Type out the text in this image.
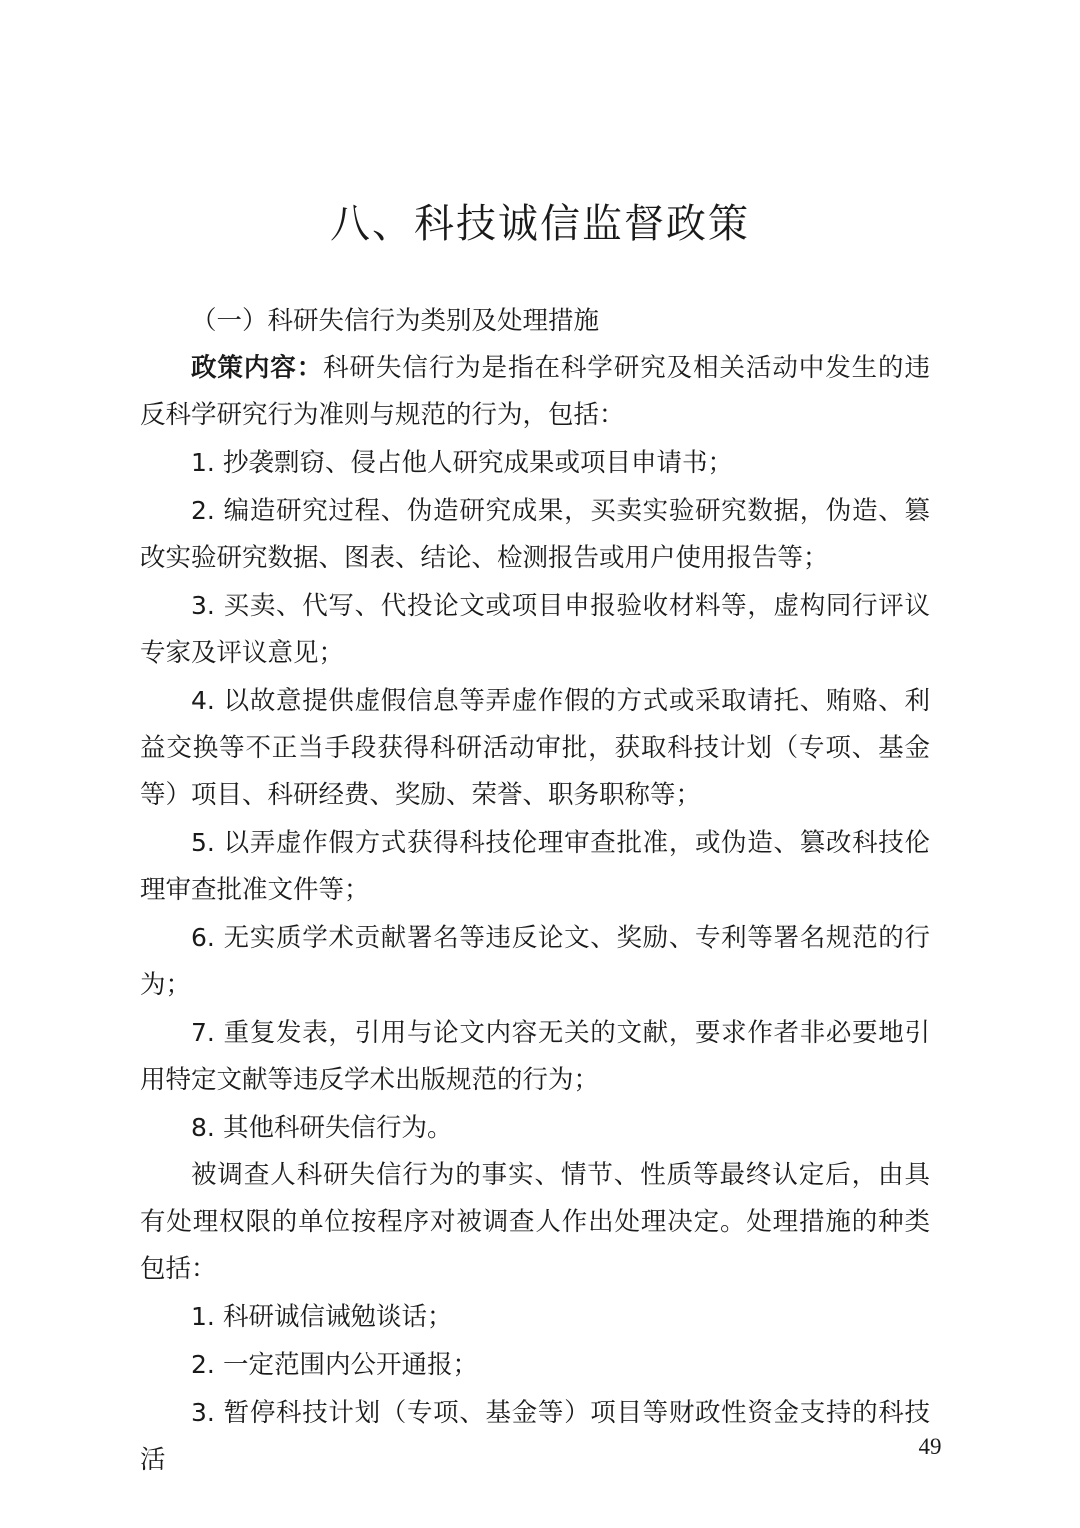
八、科技诚信监督政策

（一）科研失信行为类别及处理措施

政策内容：科研失信行为是指在科学研究及相关活动中发生的违反科学研究行为准则与规范的行为，包括：

1. 抄袭剽窃、侵占他人研究成果或项目申请书；

2. 编造研究过程、伪造研究成果，买卖实验研究数据，伪造、篡改实验研究数据、图表、结论、检测报告或用户使用报告等；

3. 买卖、代写、代投论文或项目申报验收材料等，虚构同行评议专家及评议意见；

4. 以故意提供虚假信息等弄虚作假的方式或采取请托、贿赂、利益交换等不正当手段获得科研活动审批，获取科技计划（专项、基金等）项目、科研经费、奖励、荣誉、职务职称等；

5. 以弄虚作假方式获得科技伦理审查批准，或伪造、篡改科技伦理审查批准文件等；

6. 无实质学术贡献署名等违反论文、奖励、专利等署名规范的行为；

7. 重复发表，引用与论文内容无关的文献，要求作者非必要地引用特定文献等违反学术出版规范的行为；

8. 其他科研失信行为。

被调查人科研失信行为的事实、情节、性质等最终认定后，由具有处理权限的单位按程序对被调查人作出处理决定。处理措施的种类包括：

1. 科研诚信诫勉谈话；

2. 一定范围内公开通报；

3. 暂停科技计划（专项、基金等）项目等财政性资金支持的科技活	49
